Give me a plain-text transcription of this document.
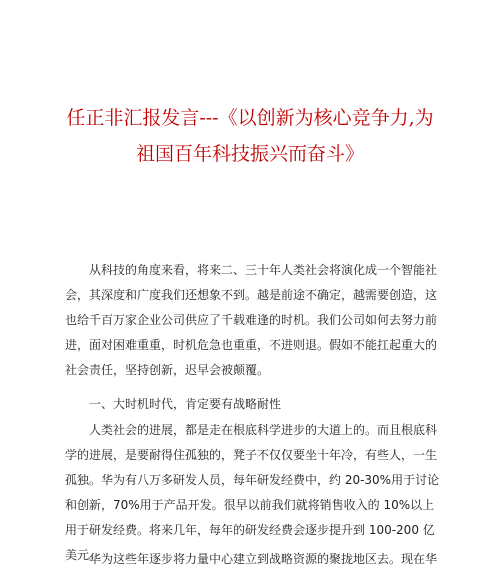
任正非汇报发言---《以创新为核心竞争力,为
祖国百年科技振兴而奋斗》

从科技的角度来看，将来二、三十年人类社会将演化成一个智能社会，其深度和广度我们还想象不到。越是前途不确定，越需要创造，这也给千百万家企业公司供应了千载难逢的时机。我们公司如何去努力前进，面对困难重重，时机危急也重重，不进则退。假如不能扛起重大的社会责任，坚持创新，迟早会被颠覆。

一、大时机时代，肯定要有战略耐性

人类社会的进展，都是走在根底科学进步的大道上的。而且根底科学的进展，是要耐得住孤独的，凳子不仅仅要坐十年冷，有些人，一生孤独。华为有八万多研发人员，每年研发经费中，约 20-30%用于讨论和创新，70%用于产品开发。很早以前我们就将销售收入的 10%以上用于研发经费。将来几年，每年的研发经费会逐步提升到 100-200 亿美元。

华为这些年逐步将力量中心建立到战略资源的聚拢地区去。现在华
